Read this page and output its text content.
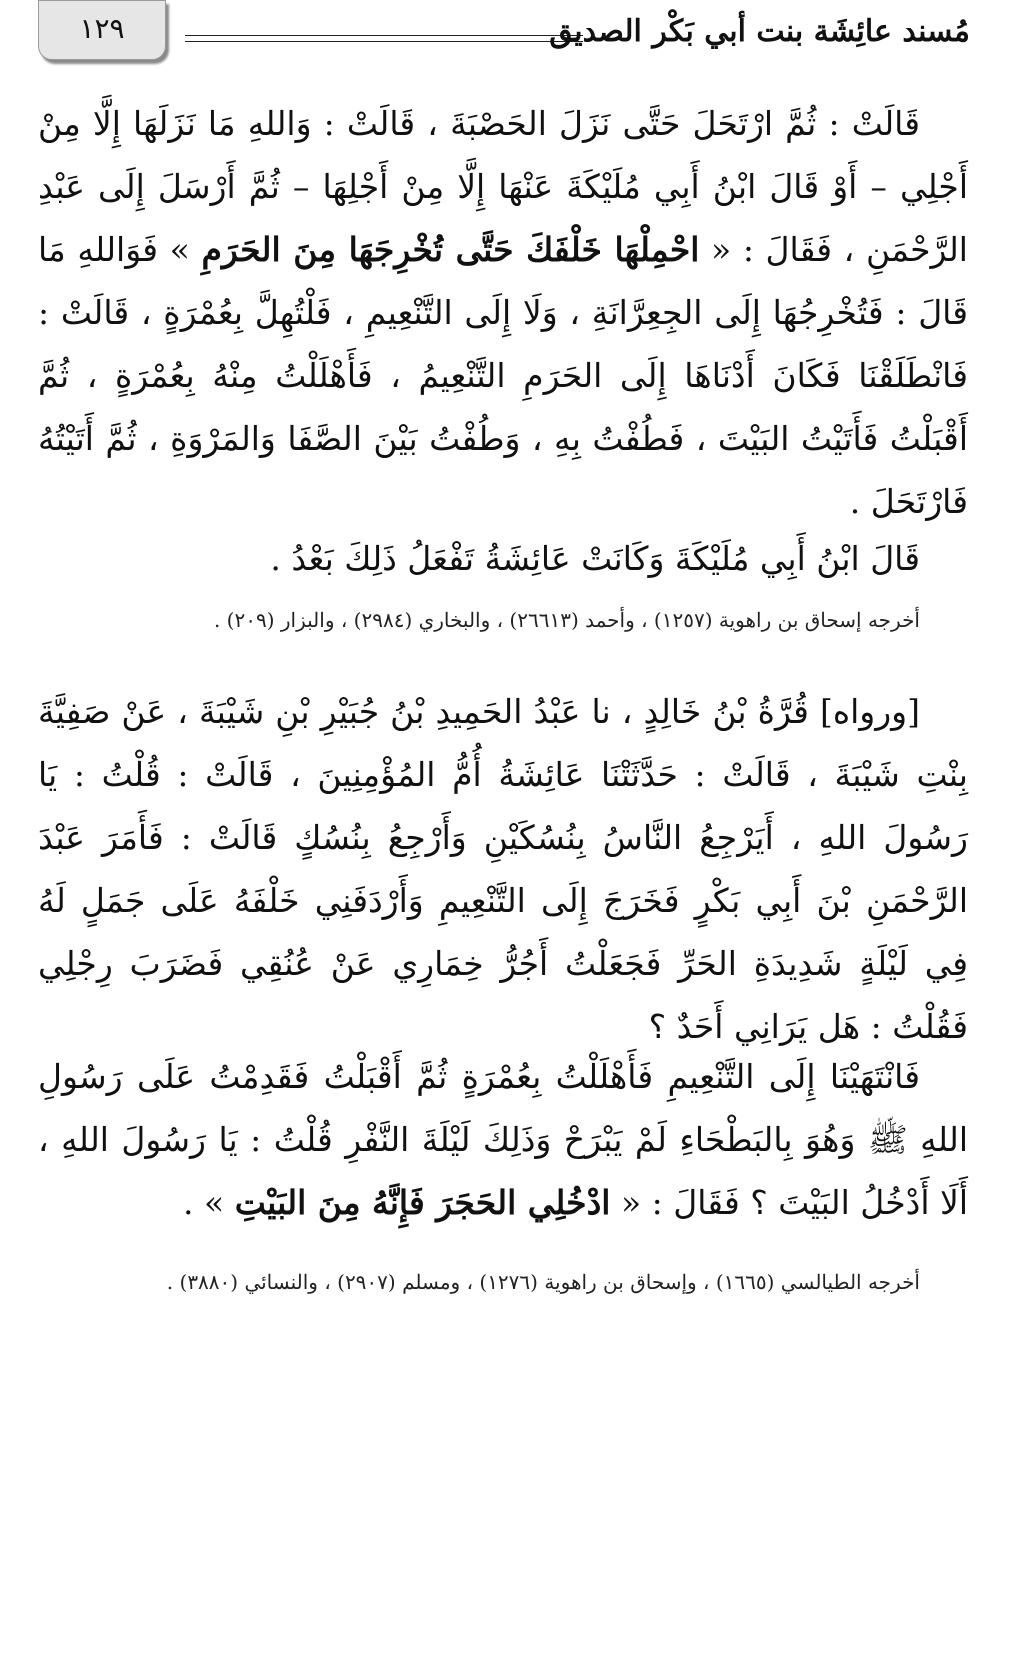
١٢٩	مُسند عائِشَة بنت أبي بَكْر الصديق
قَالَتْ : ثُمَّ ارْتَحَلَ حَتَّى نَزَلَ الحَصْبَةَ ، قَالَتْ : وَاللهِ مَا نَزَلَهَا إِلَّا مِنْ أَجْلِي – أَوْ قَالَ ابْنُ أَبِي مُلَيْكَةَ عَنْهَا إِلَّا مِنْ أَجْلِهَا – ثُمَّ أَرْسَلَ إِلَى عَبْدِ الرَّحْمَنِ ، فَقَالَ : « احْمِلْهَا خَلْفَكَ حَتَّى تُخْرِجَهَا مِنَ الحَرَمِ » فَوَاللهِ مَا قَالَ : فَتُخْرِجُهَا إِلَى الجِعِرَّانَةِ ، وَلَا إِلَى التَّنْعِيمِ ، فَلْتُهِلَّ بِعُمْرَةٍ ، قَالَتْ : فَانْطَلَقْنَا فَكَانَ أَدْنَاهَا إِلَى الحَرَمِ التَّنْعِيمُ ، فَأَهْلَلْتُ مِنْهُ بِعُمْرَةٍ ، ثُمَّ أَقْبَلْتُ فَأَتَيْتُ البَيْتَ ، فَطُفْتُ بِهِ ، وَطُفْتُ بَيْنَ الصَّفَا وَالمَرْوَةِ ، ثُمَّ أَتَيْتُهُ فَارْتَحَلَ .
قَالَ ابْنُ أَبِي مُلَيْكَةَ وَكَانَتْ عَائِشَةُ تَفْعَلُ ذَلِكَ بَعْدُ .
أخرجه إسحاق بن راهوية (١٢٥٧) ، وأحمد (٢٦٦١٣) ، والبخاري (٢٩٨٤) ، والبزار (٢٠٩) .
[ورواه] قُرَّةُ بْنُ خَالِدٍ ، نا عَبْدُ الحَمِيدِ بْنُ جُبَيْرِ بْنِ شَيْبَةَ ، عَنْ صَفِيَّةَ بِنْتِ شَيْبَةَ ، قَالَتْ : حَدَّثَتْنَا عَائِشَةُ أُمُّ المُؤْمِنِينَ ، قَالَتْ : قُلْتُ : يَا رَسُولَ اللهِ ، أَيَرْجِعُ النَّاسُ بِنُسُكَيْنِ وَأَرْجِعُ بِنُسُكٍ قَالَتْ : فَأَمَرَ عَبْدَ الرَّحْمَنِ بْنَ أَبِي بَكْرٍ فَخَرَجَ إِلَى التَّنْعِيمِ وَأَرْدَفَنِي خَلْفَهُ عَلَى جَمَلٍ لَهُ فِي لَيْلَةٍ شَدِيدَةِ الحَرِّ فَجَعَلْتُ أَجُرُّ خِمَارِي عَنْ عُنُقِي فَضَرَبَ رِجْلِي فَقُلْتُ : هَل يَرَانِي أَحَدٌ ؟
فَانْتَهَيْنَا إِلَى التَّنْعِيمِ فَأَهْلَلْتُ بِعُمْرَةٍ ثُمَّ أَقْبَلْتُ فَقَدِمْتُ عَلَى رَسُولِ اللهِ ﷺ وَهُوَ بِالبَطْحَاءِ لَمْ يَبْرَحْ وَذَلِكَ لَيْلَةَ النَّفْرِ قُلْتُ : يَا رَسُولَ اللهِ ، أَلَا أَدْخُلُ البَيْتَ ؟ فَقَالَ : « ادْخُلِي الحَجَرَ فَإِنَّهُ مِنَ البَيْتِ » .
أخرجه الطيالسي (١٦٦٥) ، وإسحاق بن راهوية (١٢٧٦) ، ومسلم (٢٩٠٧) ، والنسائي (٣٨٨٠) .
